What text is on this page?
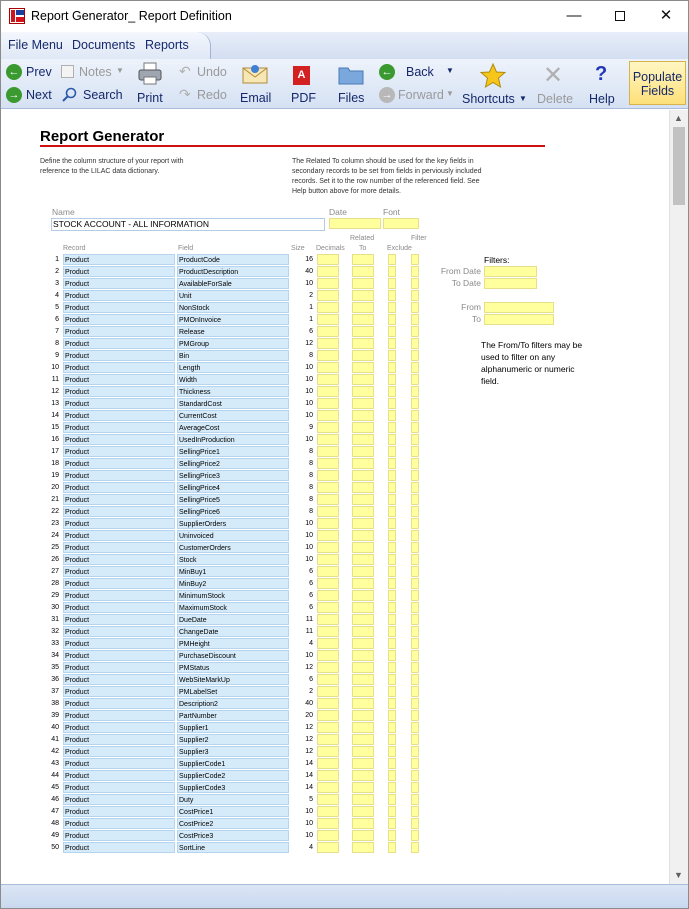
Report Generator_ Report Definition	—	✕
File Menu Documents Reports
← Prev
→ Next
Notes ▼
Search Print
↶ Undo
↷ Redo Email
A
PDF Files
← Back ▼
→ Forward ▼ Shortcuts ▼
✕
Delete
?
Help
Populate Fields
▲
▼
Report Generator
Define the column structure of your report with reference to the LILAC data dictionary.
The Related To column should be used for the key fields in secondary records to be set from fields in perviously included records. Set it to the row number of the referenced field. See Help button above for more details.
Name	Date	Font
STOCK ACCOUNT - ALL INFORMATION
Record	Field	Size Decimals
Related
To	Exclude
Filter
1 Product	ProductCode	16
2 Product	ProductDescription	40
3 Product	AvailableForSale	10
4 Product	Unit	2
5 Product	NonStock	1
6 Product	PMOnInvoice	1
7 Product	Release	6
8 Product	PMGroup	12
9 Product	Bin	8
10 Product	Length	10
11 Product	Width	10
12 Product	Thickness	10
13 Product	StandardCost	10
14 Product	CurrentCost	10
15 Product	AverageCost	9
16 Product	UsedInProduction	10
17 Product	SellingPrice1	8
18 Product	SellingPrice2	8
19 Product	SellingPrice3	8
20 Product	SellingPrice4	8
21 Product	SellingPrice5	8
22 Product	SellingPrice6	8
23 Product	SupplierOrders	10
24 Product	Uninvoiced	10
25 Product	CustomerOrders	10
26 Product	Stock	10
27 Product	MinBuy1	6
28 Product	MinBuy2	6
29 Product	MinimumStock	6
30 Product	MaximumStock	6
31 Product	DueDate	11
32 Product	ChangeDate	11
33 Product	PMHeight	4
34 Product	PurchaseDiscount	10
35 Product	PMStatus	12
36 Product	WebSiteMarkUp	6
37 Product	PMLabelSet	2
38 Product	Description2	40
39 Product	PartNumber	20
40 Product	Supplier1	12
41 Product	Supplier2	12
42 Product	Supplier3	12
43 Product	SupplierCode1	14
44 Product	SupplierCode2	14
45 Product	SupplierCode3	14
46 Product	Duty	5
47 Product	CostPrice1	10
48 Product	CostPrice2	10
49 Product	CostPrice3	10
50 Product	SortLine	4
Filters:
From Date
To Date
From
To
The From/To filters may be used to filter on any alphanumeric or numeric field.
